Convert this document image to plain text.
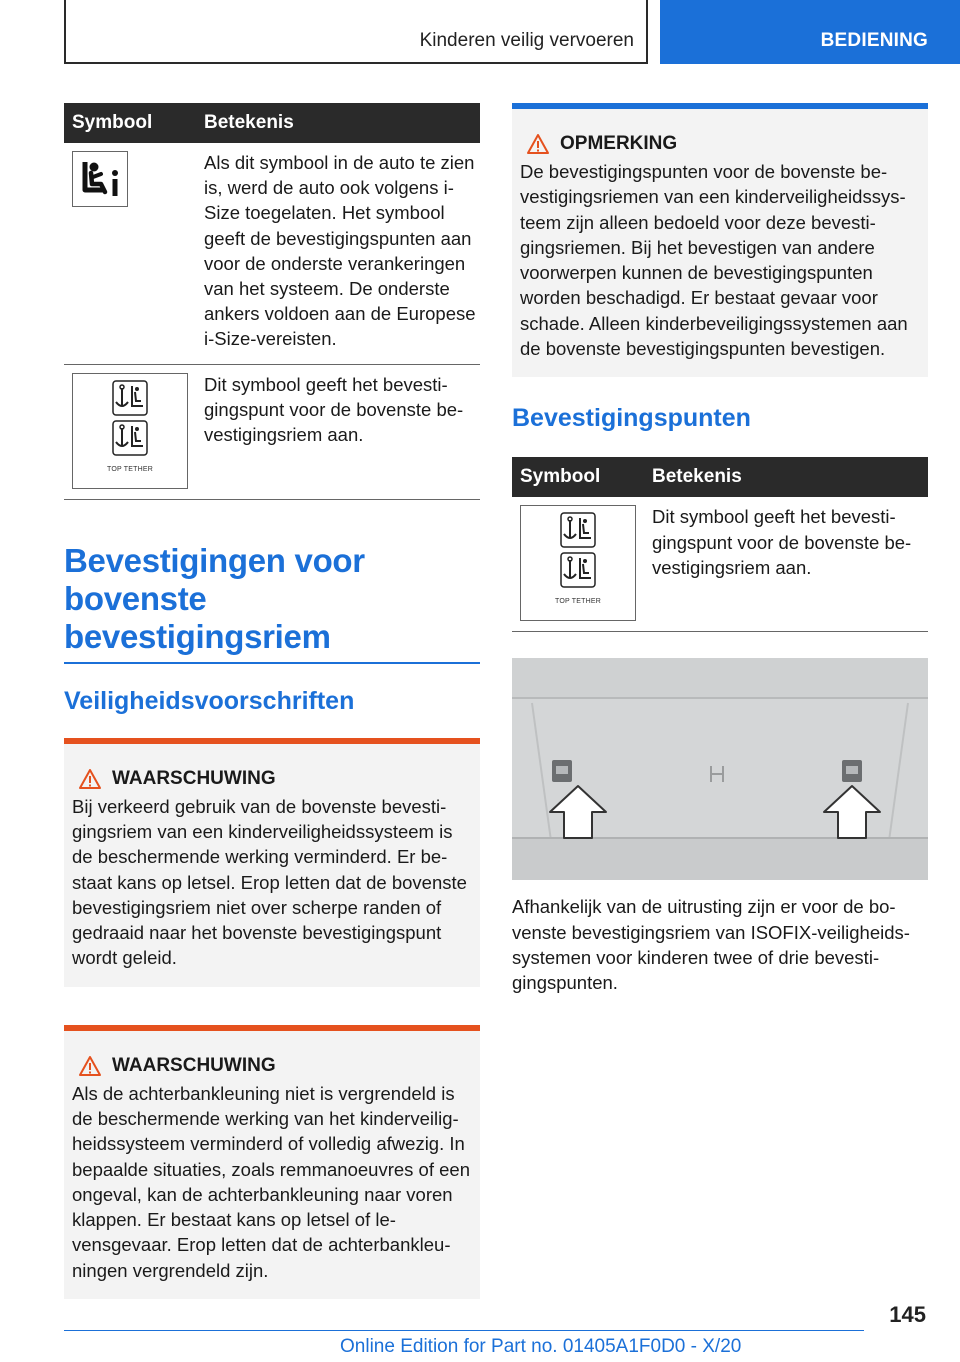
Kinderen veilig vervoeren	BEDIENING
Symbool	Betekenis

	Als dit symbool in de auto te zien is, werd de auto ook volgens i-Size toegelaten. Het symbool geeft de bevestigingspunten aan voor de onderste verankeringen van het systeem. De onderste ankers voldoen aan de Europese i-Size-vereisten.

TOP TETHER	Dit symbool geeft het bevestigingspunt voor de bovenste bevestigingsriem aan.
Bevestigingen voor bovenste bevestigingsriem
Veiligheidsvoorschriften
WAARSCHUWING
Bij verkeerd gebruik van de bovenste bevestigingsriem van een kinderveiligheidssysteem is de beschermende werking verminderd. Er bestaat kans op letsel. Erop letten dat de bovenste bevestigingsriem niet over scherpe randen of gedraaid naar het bovenste bevestigingspunt wordt geleid.
WAARSCHUWING
Als de achterbankleuning niet is vergrendeld is de beschermende werking van het kinderveiligheidssysteem verminderd of volledig afwezig. In bepaalde situaties, zoals remmanoeuvres of een ongeval, kan de achterbankleuning naar voren klappen. Er bestaat kans op letsel of levensgevaar. Erop letten dat de achterbankleuningen vergrendeld zijn.
OPMERKING
De bevestigingspunten voor de bovenste bevestigingsriemen van een kinderveiligheidssysteem zijn alleen bedoeld voor deze bevestigingsriemen. Bij het bevestigen van andere voorwerpen kunnen de bevestigingspunten worden beschadigd. Er bestaat gevaar voor schade. Alleen kinderbeveiligingssystemen aan de bovenste bevestigingspunten bevestigen.
Bevestigingspunten
Symbool	Betekenis

TOP TETHER	Dit symbool geeft het bevestigingspunt voor de bovenste bevestigingsriem aan.
Afhankelijk van de uitrusting zijn er voor de bovenste bevestigingsriem van ISOFIX-veiligheidssystemen voor kinderen twee of drie bevestigingspunten.
145
Online Edition for Part no. 01405A1F0D0 - X/20
